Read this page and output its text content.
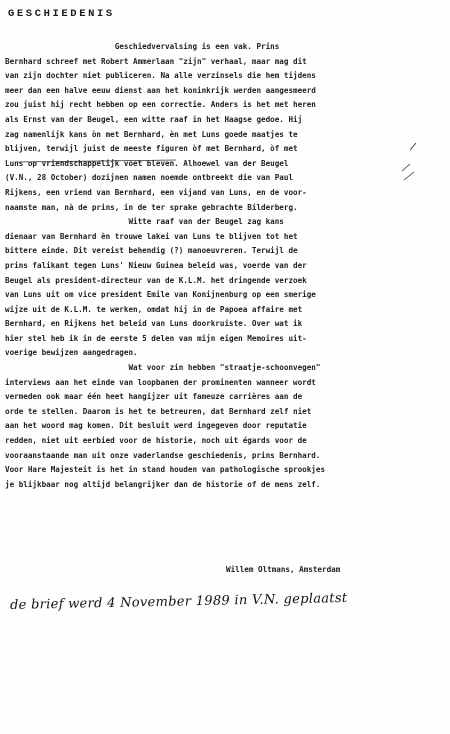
GESCHIEDENIS
Geschiedvervalsing is een vak. Prins
Bernhard schreef met Robert Ammerlaan "zijn" verhaal, maar mag dit
van zijn dochter niet publiceren. Na alle verzinsels die hem tijdens
meer dan een halve eeuw dienst aan het koninkrijk werden aangesmeerd
zou juist hij recht hebben op een correctie. Anders is het met heren
als Ernst van der Beugel, een witte raaf in het Haagse gedoe. Hij
zag namenlijk kans òn met Bernhard, èn met Luns goede maatjes te
blijven, terwijl juist de meeste figuren òf met Bernhard, òf met
Luns op vriendschappelijk voet bleven. Alhoewel van der Beugel
(V.N., 28 October) dozijnen namen noemde ontbreekt die van Paul
Rijkens, een vriend van Bernhard, een vijand van Luns, en de voor-
naamste man, nà de prins, in de ter sprake gebrachte Bilderberg.
Witte raaf van der Beugel zag kans
dienaar van Bernhard èn trouwe lakei van Luns te blijven tot het
bittere einde. Dit vereist behendig (?) manoeuvreren. Terwijl de
prins falikant tegen Luns' Nieuw Guinea beleid was, voerde van der
Beugel als president-directeur van de K.L.M. het dringende verzoek
van Luns uit om vice president Emile van Konijnenburg op een smerige
wijze uit de K.L.M. te werken, omdat hij in de Papoea affaire met
Bernhard, en Rijkens het beleid van Luns doorkruiste. Over wat ik
hier stel heb ik in de eerste 5 delen van mijn eigen Memoires uit-
voerige bewijzen aangedragen.
Wat voor zin hebben "straatje-schoonvegen"
interviews aan het einde van loopbanen der prominenten wanneer wordt
vermeden ook maar één heet hangijzer uit fameuze carrières aan de
orde te stellen. Daarom is het te betreuren, dat Bernhard zelf niet
aan het woord mag komen. Dit besluit werd ingegeven door reputatie
redden, niet uit eerbied voor de historie, noch uit égards voor de
vooraanstaande man uit onze vaderlandse geschiedenis, prins Bernhard.
Voor Hare Majesteit is het in stand houden van pathologische sprookjes
je blijkbaar nog altijd belangrijker dan de historie of de mens zelf.
Willem Oltmans, Amsterdam
de brief werd 4 November 1989 in V.N. geplaatst
